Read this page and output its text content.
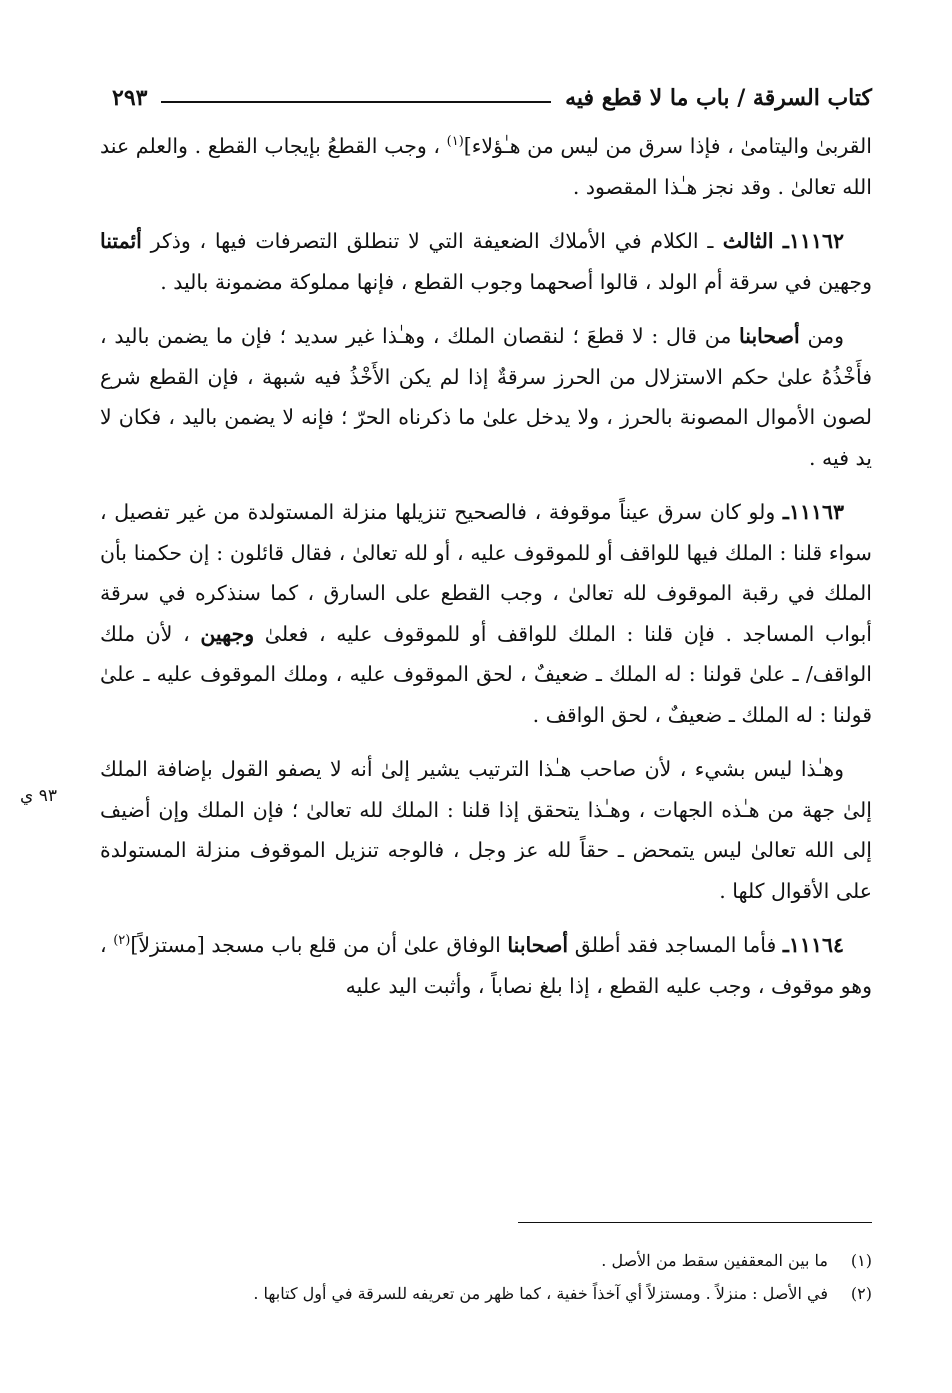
كتاب السرقة / باب ما لا قطع فيه
٢٩٣
٩٣ ي

القربىٰ واليتامىٰ ، فإذا سرق من ليس من هـٰؤلاء]$^{(١)}$ ، وجب القطعُ بإيجاب القطع . والعلم عند الله تعالىٰ . وقد نجز هـٰذا المقصود .

١١١٦٢ـ الثالث ـ الكلام في الأملاك الضعيفة التي لا تنطلق التصرفات فيها ، وذكر أئمتنا وجهين في سرقة أم الولد ، قالوا أصحهما وجوب القطع ، فإنها مملوكة مضمونة باليد .

ومن أصحابنا من قال : لا قطعَ ؛ لنقصان الملك ، وهـٰذا غير سديد ؛ فإن ما يضمن باليد ، فأَخْذُهُ علىٰ حكم الاستزلال من الحرز سرقةٌ إذا لم يكن الأَخْذُ فيه شبهة ، فإن القطع شرع لصون الأموال المصونة بالحرز ، ولا يدخل علىٰ ما ذكرناه الحرّ ؛ فإنه لا يضمن باليد ، فكان لا يد فيه .

١١١٦٣ـ ولو كان سرق عيناً موقوفة ، فالصحيح تنزيلها منزلة المستولدة من غير تفصيل ، سواء قلنا : الملك فيها للواقف أو للموقوف عليه ، أو لله تعالىٰ ، فقال قائلون : إن حكمنا بأن الملك في رقبة الموقوف لله تعالىٰ ، وجب القطع على السارق ، كما سنذكره في سرقة أبواب المساجد . فإن قلنا : الملك للواقف أو للموقوف عليه ، فعلىٰ وجهين ، لأن ملك الواقف/ ـ علىٰ قولنا : له الملك ـ ضعيفٌ ، لحق الموقوف عليه ، وملك الموقوف عليه ـ علىٰ قولنا : له الملك ـ ضعيفٌ ، لحق الواقف .

وهـٰذا ليس بشيء ، لأن صاحب هـٰذا الترتيب يشير إلىٰ أنه لا يصفو القول بإضافة الملك إلىٰ جهة من هـٰذه الجهات ، وهـٰذا يتحقق إذا قلنا : الملك لله تعالىٰ ؛ فإن الملك وإن أضيف إلى الله تعالىٰ ليس يتمحض ـ حقاً لله عز وجل ، فالوجه تنزيل الموقوف منزلة المستولدة على الأقوال كلها .

١١١٦٤ـ فأما المساجد فقد أطلق أصحابنا الوفاق علىٰ أن من قلع باب مسجد [مستزلاً]$^{(٢)}$ ، وهو موقوف ، وجب عليه القطع ، إذا بلغ نصاباً ، وأثبت اليد عليه

(١)
ما بين المعقفين سقط من الأصل .
(٢)
في الأصل : منزلاً . ومستزلاً أي آخذاً خفية ، كما ظهر من تعريفه للسرقة في أول كتابها .
